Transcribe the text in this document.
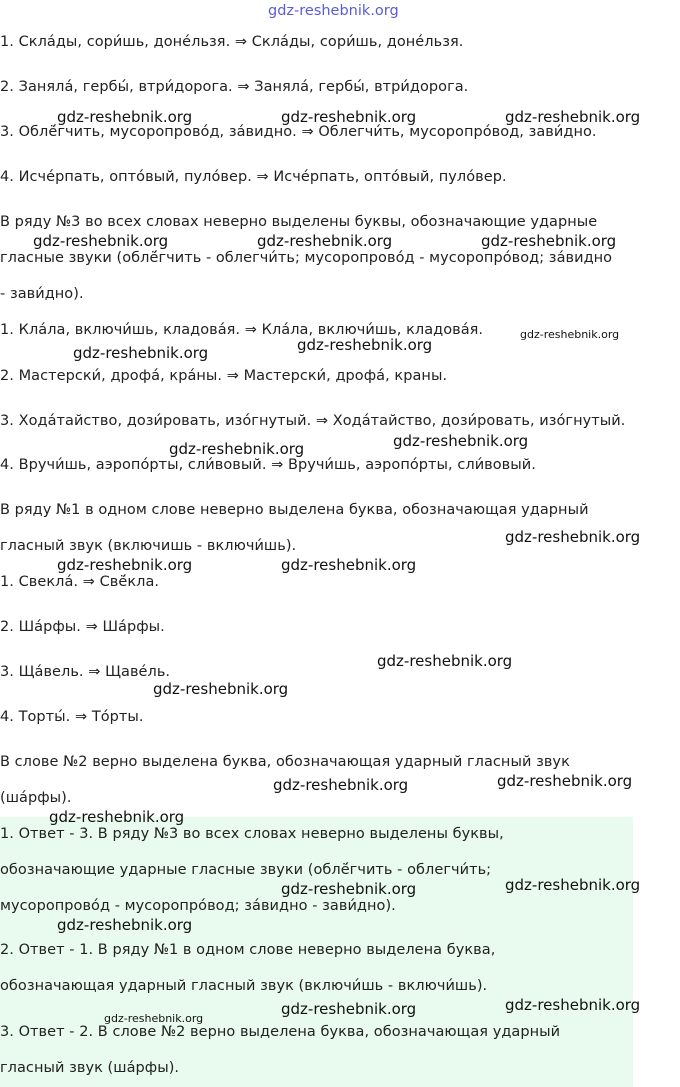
gdz-reshebnik.org
1. Скла́ды, сори́шь, доне́льзя. ⇒ Скла́ды, сори́шь, доне́льзя.
2. Заняла́, гербы́, втри́дорога. ⇒ Заняла́, гербы́, втри́дорога.
3. Облё́гчить, мусоропрово́д, за́видно. ⇒ Облегчи́ть, мусоропро́вод, зави́дно.
4. Исче́рпать, опто́вый, пуло́вер. ⇒ Исче́рпать, опто́вый, пуло́вер.
В ряду №3 во всех словах неверно выделены буквы, обозначающие ударные
гласные звуки (облё́гчить - облегчи́ть; мусоропрово́д - мусоропро́вод; за́видно
- зави́дно).
1. Кла́ла, включи́шь, кладова́я. ⇒ Кла́ла, включи́шь, кладова́я.
2. Мастерски́, дрофа́, кра́ны. ⇒ Мастерски́, дрофа́, краны.
3. Хода́тайство, дози́ровать, изо́гнутый. ⇒ Хода́тайство, дози́ровать, изо́гнутый.
4. Вручи́шь, аэропо́рты, сли́вовый. ⇒ Вручи́шь, аэропо́рты, сли́вовый.
В ряду №1 в одном слове неверно выделена буква, обозначающая ударный
гласный звук (включишь - включи́шь).
1. Свекла́. ⇒ Свё́кла.
2. Ша́рфы. ⇒ Ша́рфы.
3. Ща́вель. ⇒ Щаве́ль.
4. Торты́. ⇒ То́рты.
В слове №2 верно выделена буква, обозначающая ударный гласный звук
(ша́рфы).
1. Ответ - 3. В ряду №3 во всех словах неверно выделены буквы,
обозначающие ударные гласные звуки (облё́гчить - облегчи́ть;
мусоропрово́д - мусоропро́вод; за́видно - зави́дно).
2. Ответ - 1. В ряду №1 в одном слове неверно выделена буква,
обозначающая ударный гласный звук (включи́шь - включи́шь).
3. Ответ - 2. В слове №2 верно выделена буква, обозначающая ударный
гласный звук (ша́рфы).
gdz-reshebnik.org	gdz-reshebnik.org	gdz-reshebnik.org
gdz-reshebnik.org	gdz-reshebnik.org	gdz-reshebnik.org
gdz-reshebnik.org
gdz-reshebnik.org
gdz-reshebnik.org
gdz-reshebnik.org
gdz-reshebnik.org
gdz-reshebnik.org
gdz-reshebnik.org	gdz-reshebnik.org
gdz-reshebnik.org
gdz-reshebnik.org
gdz-reshebnik.org
gdz-reshebnik.org
gdz-reshebnik.org
gdz-reshebnik.org
gdz-reshebnik.org
gdz-reshebnik.org
gdz-reshebnik.org
gdz-reshebnik.org
gdz-reshebnik.org
